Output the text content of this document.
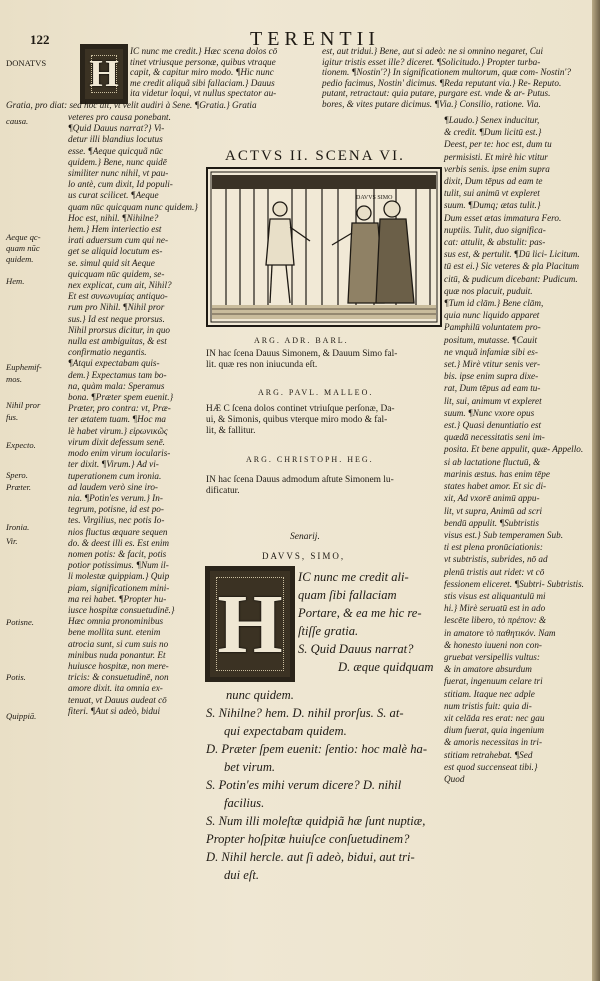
122	TERENTII
DONATVS H
IC nunc me credit.} Hæc scena dolos cō
tinet vtriusque personæ, quibus vtraque
capit, & capitur miro modo. ¶Hic nunc
me credit aliquã sibi fallaciam.} Dauus
ita videtur loqui, vt nullus spectator au-
Gratia, pro diat: sed hoc ait, vt velit audiri à Sene. ¶Gratia.} Gratia
est, aut tridui.} Bene, aut si adeò: ne si omnino negaret, Cui
igitur tristis esset ille? diceret. ¶Solicitudo.} Propter turba-
tionem. ¶Nostin'?} In significationem multorum, quæ com- Nostin'?
pedio facimus, Nostin' dicimus. ¶Reda reputant via.} Re- Reputo.
putant, retractaut: quia putare, purgare est. vnde & ar- Putus.
bores, & vites putare dicimus. ¶Via.} Consilio, ratione. Via.
causa.
Aeque qc-
quam nūc
quidem.
Hem.
Euphemif-
mos.
Nihil pror
fus.
Expecto.
Spero.
Præter.
Ironia.
Vir.
Potisne.
Potis.
Quippiā.
veteres pro causa ponebant.
¶Quid Dauus narrat?} Vi-
detur illi blandius locutus
esse. ¶Aeque quicquã nūc
quidem.} Bene, nunc quidē
similiter nunc nihil, vt pau-
lo antè, cum dixit, Id populi-
us curat scilicet. ¶Aeque
quam nūc quicquam nunc quidem.}
Hoc est, nihil. ¶Nihilne?
hem.} Hem interiectio est
irati aduersum cum qui ne-
get se aliquid locutum es-
se. simul quid sit Aeque
quicquam nūc quidem, se-
nex explicat, cum ait, Nihil?
Et est συνωνυμίας antiquo-
rum pro Nihil. ¶Nihil pror
sus.} Id est neque prorsus.
Nihil prorsus dicitur, in quo
nulla est ambiguitas, & est
confirmatio negantis.
¶Atqui expectabam quis-
dem.} Expectamus tam bo-
na, quàm mala: Speramus
bona. ¶Præter spem euenit.}
Præter, pro contra: vt, Præ-
ter ætatem tuam. ¶Hoc ma
lè habet virum.} εἰρωνικῶς
virum dixit defessum senē.
modo enim virum iocularis-
ter dixit. ¶Virum.} Ad vi-
tuperationem cum ironia.
ad laudem verò sine iro-
nia. ¶Potin'es verum.} In-
tegrum, potisne, id est po-
tes. Virgilius, nec potis Io-
nios fluctus æquare sequen
do. & deest illi es. Est enim
nomen potis: & facit, potis
potior potissimus. ¶Num il-
li molestæ quippiam.} Quip
piam, significationem mini-
ma rei habet. ¶Propter hu-
iusce hospitæ consuetudinē.}
Hæc omnia pronominibus
bene mollita sunt. etenim
atrocia sunt, si cum suis no
minibus nuda ponantur. Et
huiusce hospitæ, non mere-
tricis: & consuetudinē, non
amore dixit. ita omnia ex-
tenuat, vt Dauus audeat cō
fiteri. ¶Aut si adeò, bidui
ACTVS II. SCENA VI.
DAVVS SIMO
ARG. ADR. BARL.
IN hac ſcena Dauus Simonem, & Dauum Simo fal-
lit. quæ res non iniucunda eſt.
ARG. PAVL. MALLEO.
HÆ C ſcena dolos continet vtriuſque perſonæ, Da-
ui, & Simonis, quibus vterque miro modo & fal-
lit, & fallitur.
ARG. CHRISTOPH. HEG.
IN hac ſcena Dauus admodum aſtute Simonem lu-
dificatur.
Senarij.
DAVVS, SIMO,
H
IC nunc me credit ali-
quam ſibi fallaciam
Portare, & ea me hic re-
ſtiſſe gratia.
S. Quid Dauus narrat?
D. æque quidquam
nunc quidem.
S. Nihilne? hem. D. nihil prorſus. S. at-
qui expectabam quidem.
D. Præter ſpem euenit: ſentio: hoc malè ha-
bet virum.
S. Potin'es mihi verum dicere? D. nihil
facilius.
S. Num illi moleſtæ quidpiã hæ ſunt nuptiæ,
Propter hoſpitæ huiuſce conſuetudinem?
D. Nihil hercle. aut ſi adeò, bidui, aut tri-
dui eſt.
¶Laudo.} Senex inducitur,
& credit. ¶Dum licitū est.}
Deest, per te: hoc est, dum tu
permisisti. Et mirè hic vtitur
verbis senis. ipse enim supra
dixit, Dum tēpus ad eam te
tulit, sui animū vt expleret
suum. ¶Dumq; ætas tulit.}
Dum esset ætas immatura Fero.
nuptiis. Tulit, duo significa-
cat: attulit, & abstulit: pas-
sus est, & pertulit. ¶Dū lici- Licitum.
tū est ei.} Sic veteres & pla Placitum
citū, & pudicum dicebant: Pudicum.
quæ nos placuit, puduit.
¶Tum id clām.} Bene clām,
quia nunc liquido apparet
Pamphilū voluntatem pro-
positum, mutasse. ¶Cauit
ne vnquã infamiæ sibi es-
set.} Mirè vtitur senis ver-
bis. ipse enim supra dixe-
rat, Dum tēpus ad eam tu-
lit, sui, animum vt expleret
suum. ¶Nunc vxore opus
est.} Quasi denuntiatio est
quædā necessitatis seni im-
posita. Et bene appulit, quæ- Appello.
si ab lactatione fluctuū, &
marinis æstus. has enim tēpe
states habet amor. Et sic di-
xit, Ad vxorē animū appu-
lit, vt supra, Animū ad scri
bendū appulit. ¶Subtristis
visus est.} Sub temperamen Sub.
ti est plena pronūciationis:
vt subtristis, subrides, nō ad
plenū tristis aut ridet: vt cō
fessionem eliceret. ¶Subtri- Subtristis.
stis visus est aliquantulū mi
hi.} Mirè seruatū est in ado
lescēte libero, τὸ πρέπον: &
in amatore τὸ παθητικόν. Nam
& honesto iuueni non con-
gruebat versipellis vultus:
& in amatore absurdum
fuerat, ingenuum celare tri
stitiam. Itaque nec adple
num tristis fuit: quia di-
xit celāda res erat: nec gau
dium fuerat, quia ingenium
& amoris necessitas in tri-
stitiam retrahebat. ¶Sed
est quod succenseat tibi.}
Quod
